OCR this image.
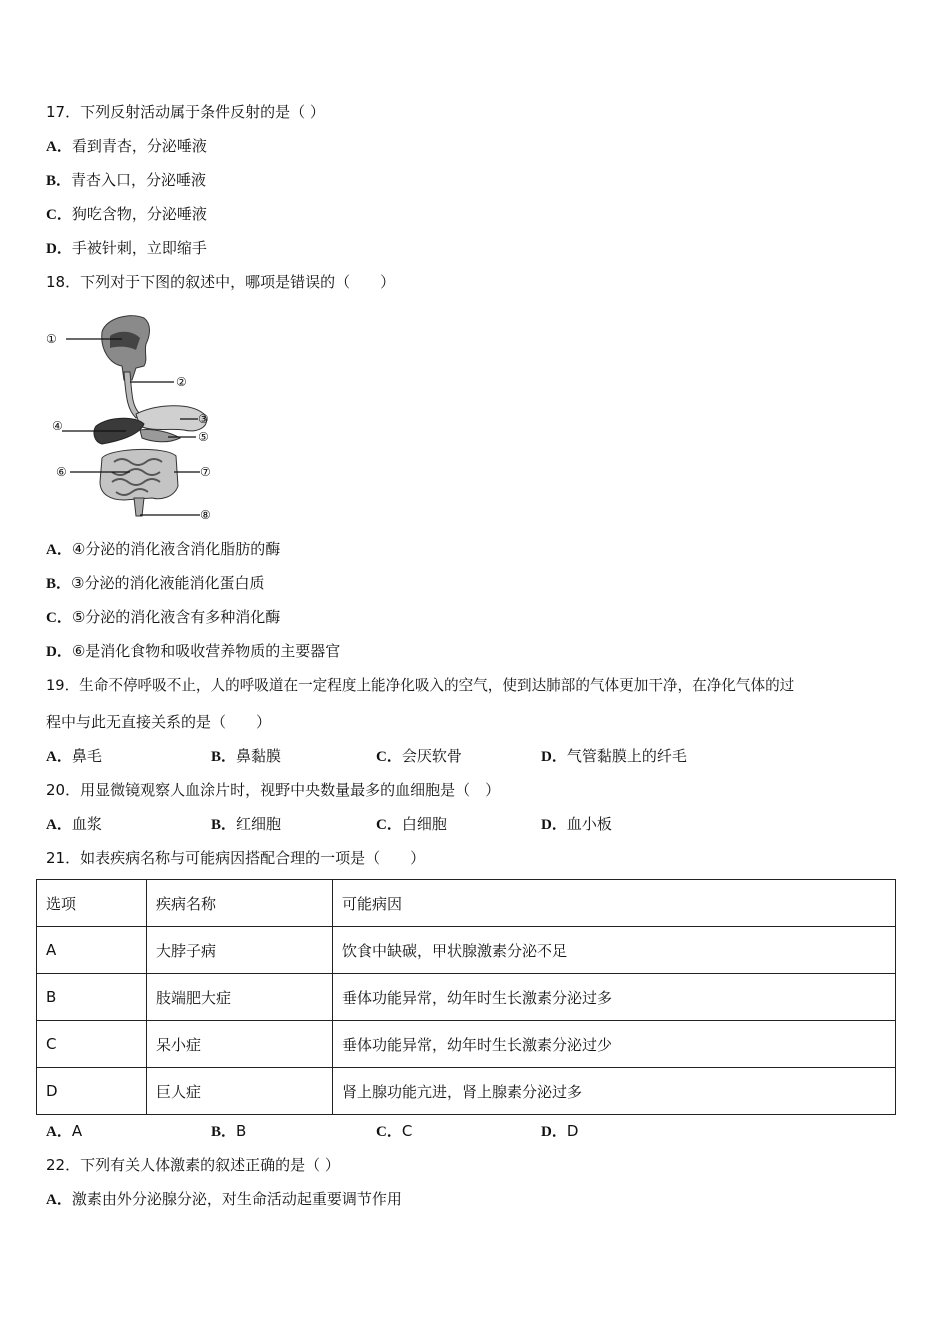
17．下列反射活动属于条件反射的是（ ）
A．看到青杏，分泌唾液
B．青杏入口，分泌唾液
C．狗吃含物，分泌唾液
D．手被针刺，立即缩手
18．下列对于下图的叙述中，哪项是错误的（　　）
①
②
③
④
⑤
⑥	⑦
⑧
A．④分泌的消化液含消化脂肪的酶
B．③分泌的消化液能消化蛋白质
C．⑤分泌的消化液含有多种消化酶
D．⑥是消化食物和吸收营养物质的主要器官
19．生命不停呼吸不止，人的呼吸道在一定程度上能净化吸入的空气，使到达肺部的气体更加干净，在净化气体的过
程中与此无直接关系的是（　　）
A．鼻毛	B．鼻黏膜	C．会厌软骨	D．气管黏膜上的纤毛
20．用显微镜观察人血涂片时，视野中央数量最多的血细胞是（　）
A．血浆	B．红细胞	C．白细胞	D．血小板
21．如表疾病名称与可能病因搭配合理的一项是（　　）
选项	疾病名称	可能病因
A	大脖子病	饮食中缺碳，甲状腺激素分泌不足
B	肢端肥大症	垂体功能异常，幼年时生长激素分泌过多
C	呆小症	垂体功能异常，幼年时生长激素分泌过少
D	巨人症	肾上腺功能亢进，肾上腺素分泌过多
A．A	B．B	C．C	D．D
22．下列有关人体激素的叙述正确的是（ ）
A．激素由外分泌腺分泌，对生命活动起重要调节作用
